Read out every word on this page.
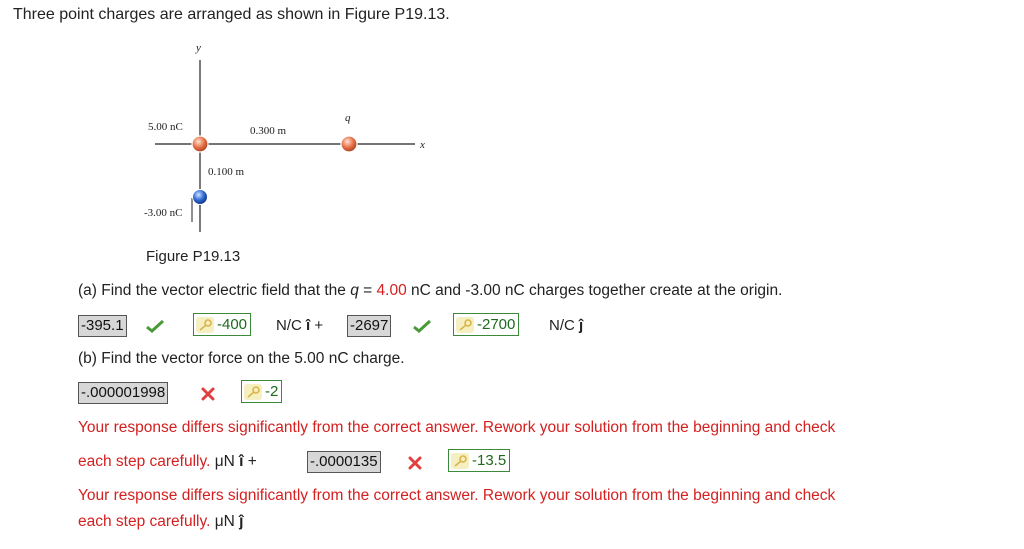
Three point charges are arranged as shown in Figure P19.13.
y
x
5.00 nC	0.300 m
q
0.100 m
-3.00 nC
Figure P19.13
(a) Find the vector electric field that the q = 4.00 nC and -3.00 nC charges together create at the origin.
-395.1	-400 N/C î + -2697	-2700 N/C ĵ
(b) Find the vector force on the 5.00 nC charge.
-.000001998	-2
Your response differs significantly from the correct answer. Rework your solution from the beginning and check
each step carefully. μN î +	-.0000135	-13.5
Your response differs significantly from the correct answer. Rework your solution from the beginning and check
each step carefully. μN ĵ
